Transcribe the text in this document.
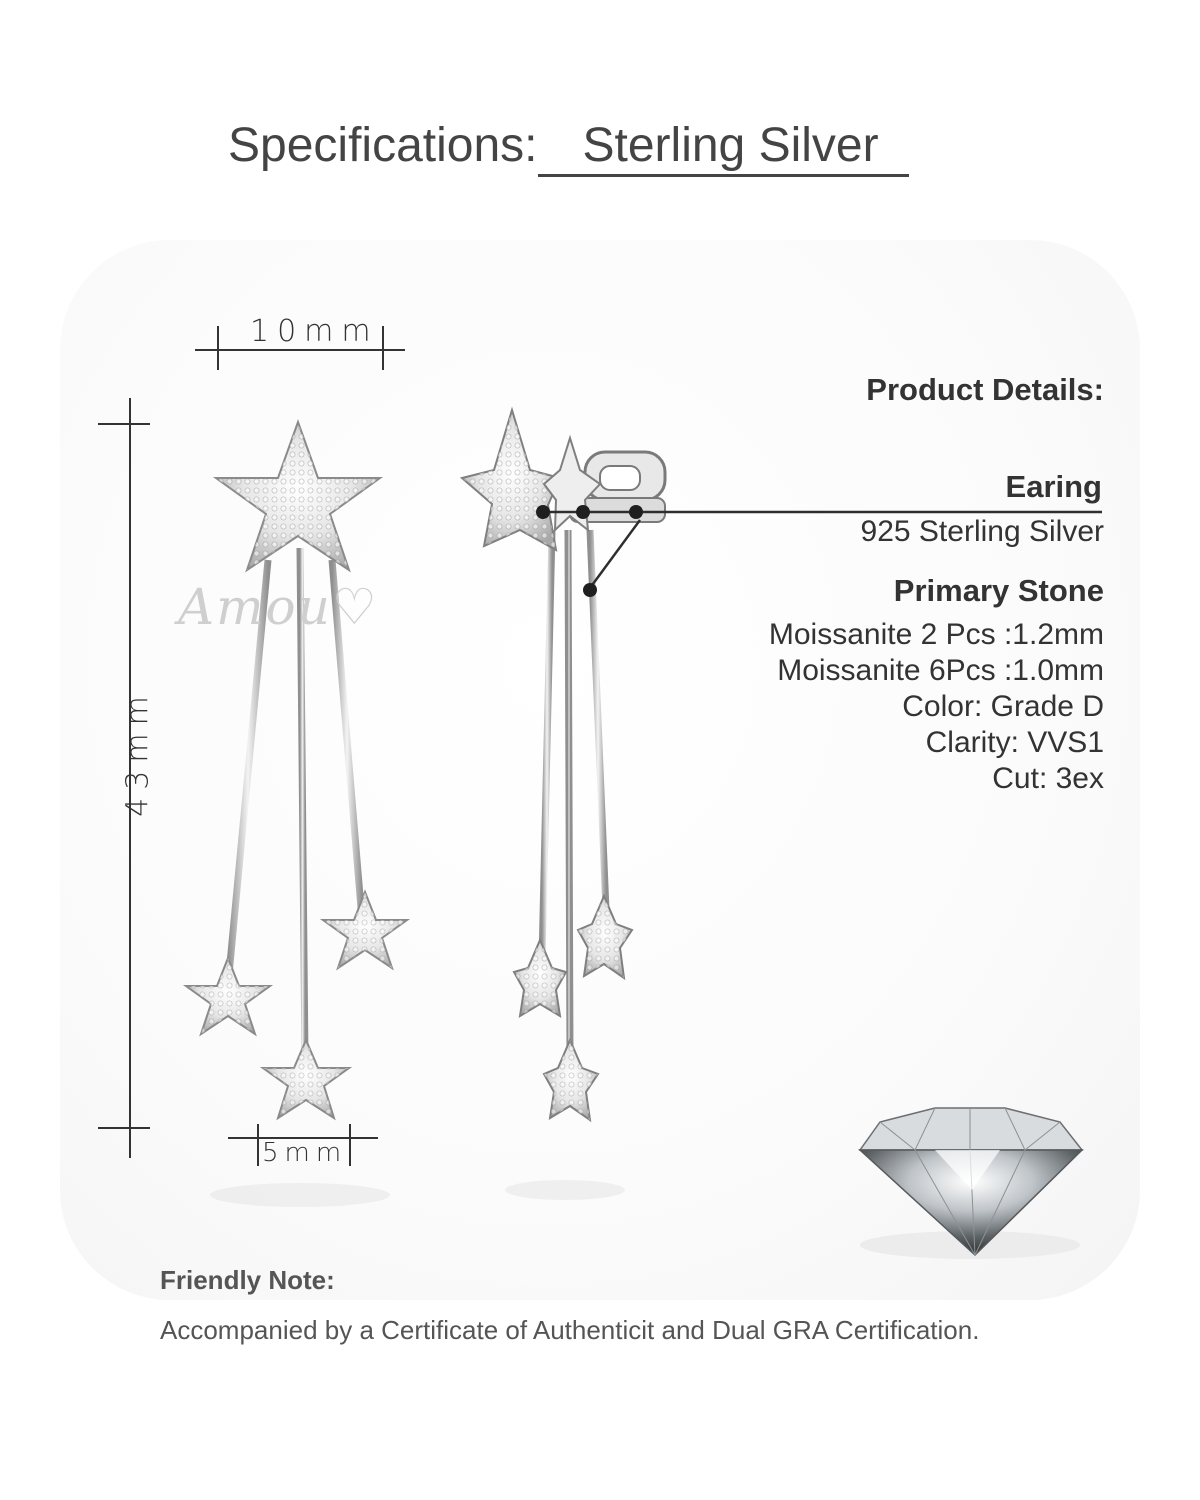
Specifications: Sterling Silver
10mm
43mm
5mm
Amou♡
Product Details:
Earing
925 Sterling Silver
Primary Stone
Moissanite 2 Pcs :1.2mm
Moissanite 6Pcs :1.0mm
Color: Grade D
Clarity: VVS1
Cut: 3ex
Friendly Note:
Accompanied by a Certificate of Authenticit and Dual GRA Certification.
